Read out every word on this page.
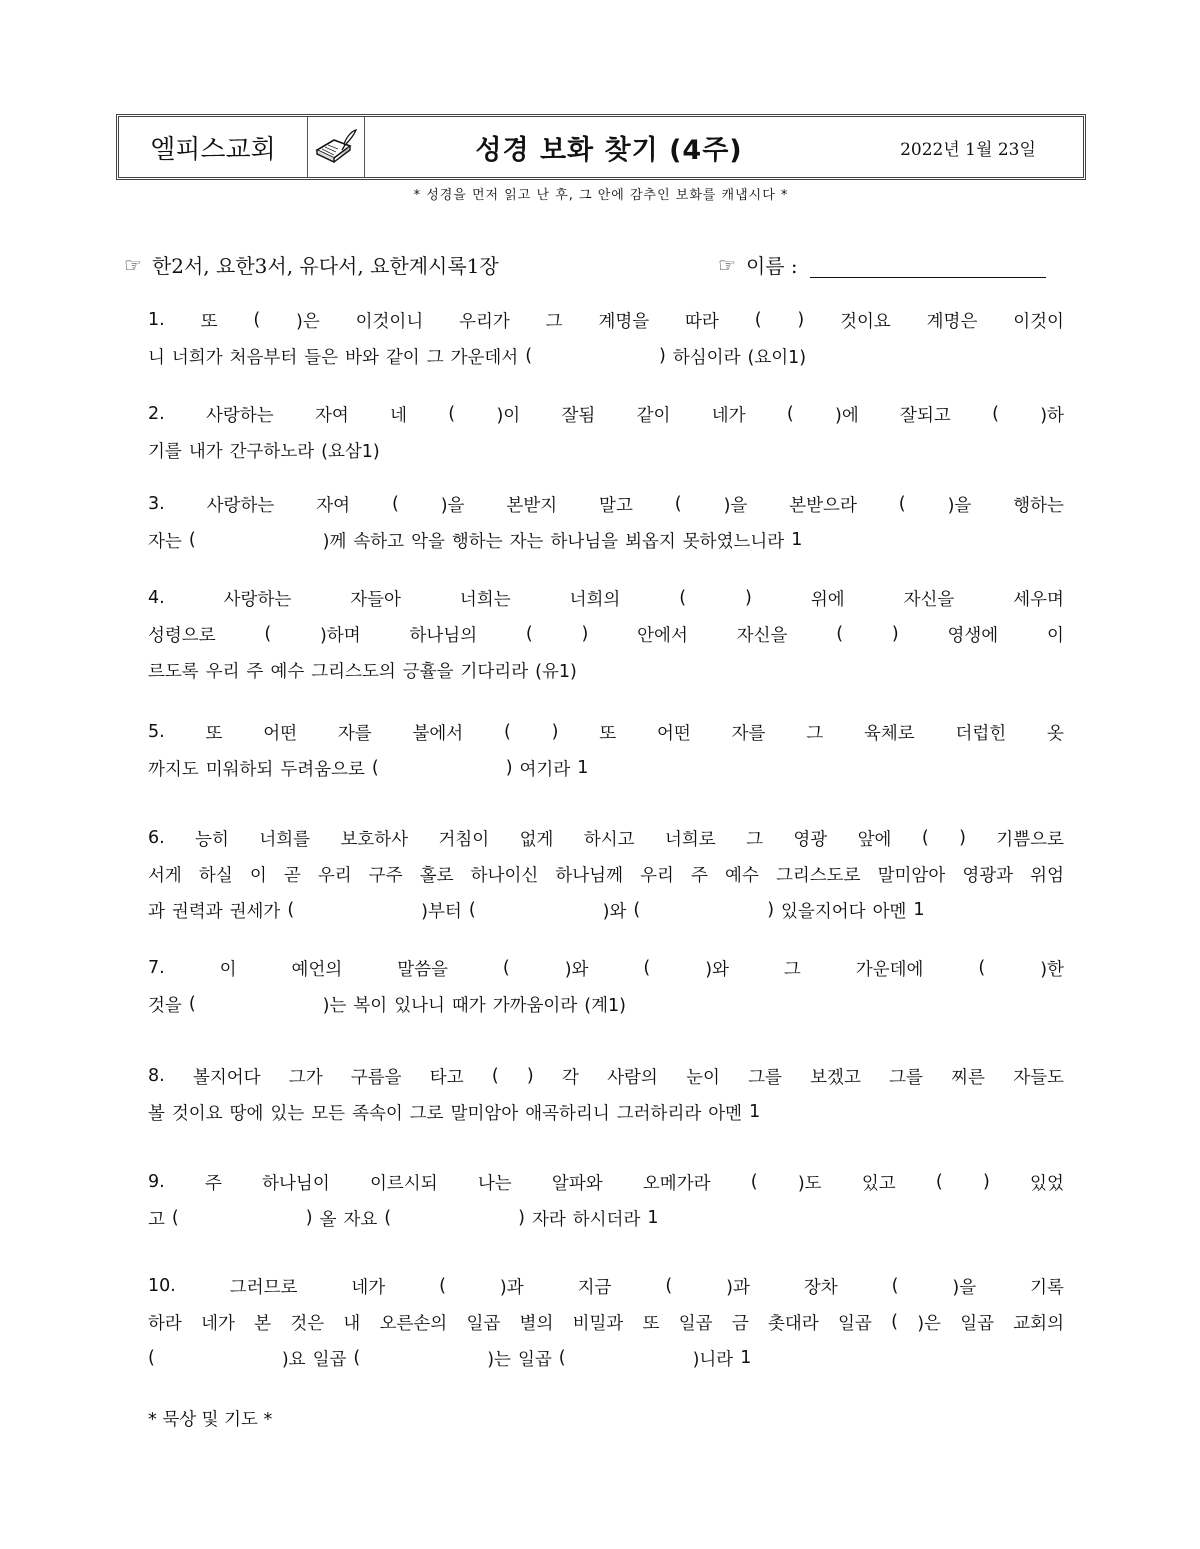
엘피스교회	성경 보화 찾기 (4주)	2022년 1월 23일
* 성경을 먼저 읽고 난 후, 그 안에 감추인 보화를 캐냅시다 *
☞ 한2서, 요한3서, 유다서, 요한계시록1장	☞ 이름 :
1. 또 ( )은 이것이니 우리가 그 계명을 따라 ( ) 것이요 계명은 이것이
니 너희가 처음부터 들은 바와 같이 그 가운데서 (	) 하심이라 (요이1)
2. 사랑하는 자여 네 ( )이 잘됨 같이 네가 ( )에 잘되고 ( )하
기를 내가 간구하노라 (요삼1)
3. 사랑하는 자여 ( )을 본받지 말고 ( )을 본받으라 ( )을 행하는
자는 (	)께 속하고 악을 행하는 자는 하나님을 뵈옵지 못하였느니라 1
4.	사랑하는	자들아	너희는	너희의	(	)	위에	자신을	세우며
성령으로	(	)하며	하나님의	(	)	안에서	자신을	(	)	영생에	이
르도록 우리 주 예수 그리스도의 긍휼을 기다리라 (유1)
5. 또 어떤 자를 불에서 ( ) 또 어떤 자를 그 육체로 더럽힌 옷
까지도 미워하되 두려움으로 (	) 여기라 1
6. 능히 너희를 보호하사 거침이 없게 하시고 너희로 그 영광 앞에 ( ) 기쁨으로
서게 하실 이 곧 우리 구주 홀로 하나이신 하나님께 우리 주 예수 그리스도로 말미암아 영광과 위엄
과 권력과 권세가 (	)부터 (	)와 (	) 있을지어다 아멘 1
7.	이	예언의	말씀을	(	)와	(	)와	그	가운데에	(	)한
것을 (	)는 복이 있나니 때가 가까움이라 (계1)
8. 볼지어다 그가 구름을 타고 ( ) 각 사람의 눈이 그를 보겠고 그를 찌른 자들도
볼 것이요 땅에 있는 모든 족속이 그로 말미암아 애곡하리니 그러하리라 아멘 1
9. 주 하나님이 이르시되 나는 알파와 오메가라 ( )도 있고 ( ) 있었
고 (	) 올 자요 (	) 자라 하시더라 1
10.	그러므로	네가	(	)과	지금	(	)과	장차	(	)을	기록
하라 네가 본 것은 내 오른손의 일곱 별의 비밀과 또 일곱 금 촛대라 일곱 ( )은 일곱 교회의
(	)요 일곱 (	)는 일곱 (	)니라 1
* 묵상 및 기도 *
